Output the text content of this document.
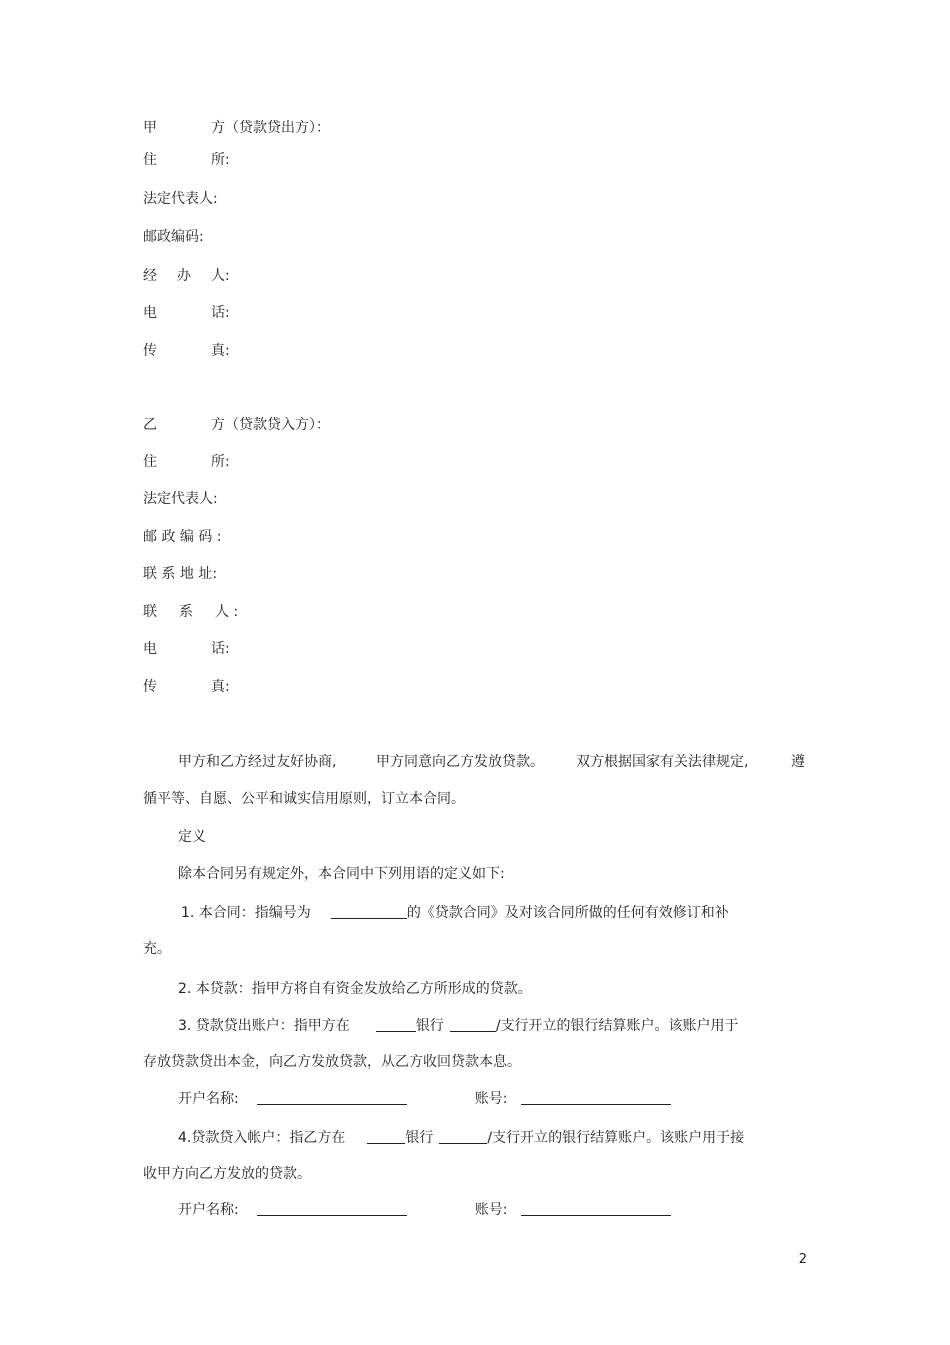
甲	方（贷款贷出方）：
住	所:
法定代表人:
邮政编码:
经 办 人:
电	话:
传	真:
乙	方（贷款贷入方）：
住	所:
法定代表人:
邮 政 编 码 :
联 系 地 址:
联 系 人 :
电	话:
传	真:
甲方和乙方经过友好协商,	甲方同意向乙方发放贷款。 双方根据国家有关法律规定,	遵
循平等、自愿、公平和诚实信用原则，订立本合同。
定义
除本合同另有规定外，本合同中下列用语的定义如下:
1. 本合同：指编号为	的《贷款合同》及对该合同所做的任何有效修订和补
充。
2. 本贷款：指甲方将自有资金发放给乙方所形成的贷款。
3. 贷款贷出账户：指甲方在	银行	/支行开立的银行结算账户。该账户用于
存放贷款贷出本金，向乙方发放贷款，从乙方收回贷款本息。
开户名称:	账号:
4.贷款贷入帐户：指乙方在	银行	/支行开立的银行结算账户。该账户用于接
收甲方向乙方发放的贷款。
开户名称:	账号:
2
